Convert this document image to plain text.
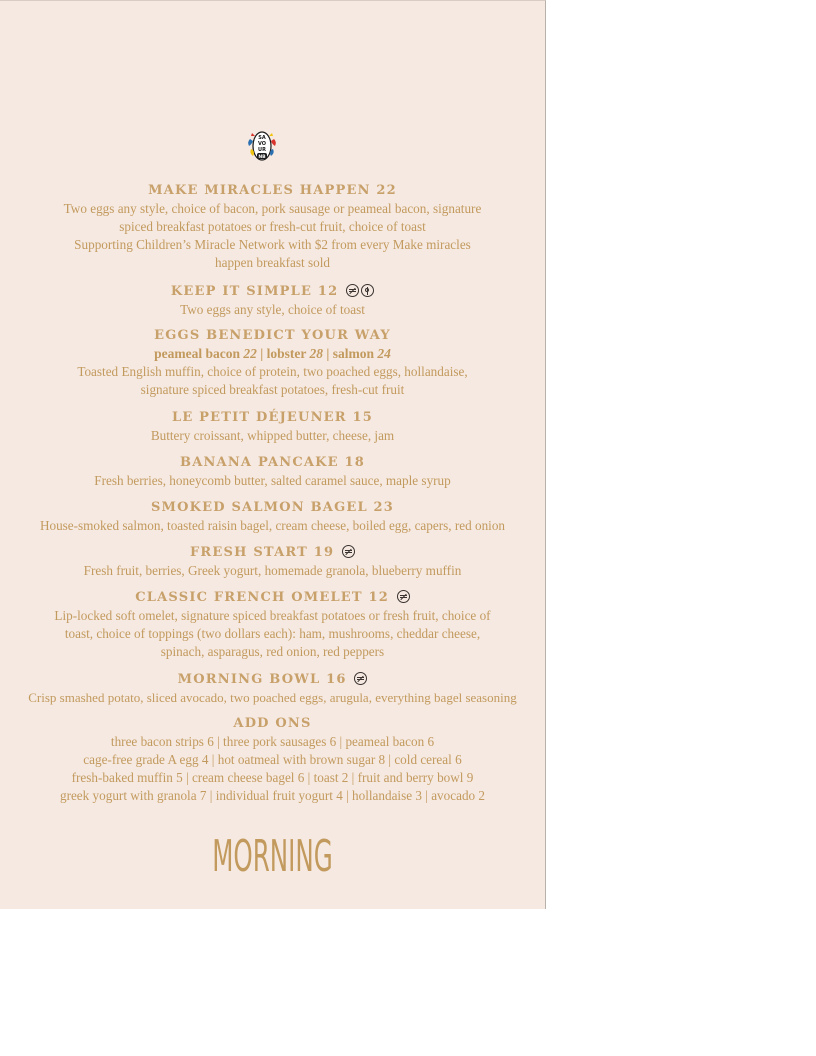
SA
VO
UR
NB
MAKE MIRACLES HAPPEN 22
Two eggs any style, choice of bacon, pork sausage or peameal bacon, signature
spiced breakfast potatoes or fresh-cut fruit, choice of toast
Supporting Children’s Miracle Network with $2 from every Make miracles
happen breakfast sold
KEEP IT SIMPLE 12
Two eggs any style, choice of toast
EGGS BENEDICT YOUR WAY
peameal bacon 22 | lobster 28 | salmon 24
Toasted English muffin, choice of protein, two poached eggs, hollandaise,
signature spiced breakfast potatoes, fresh-cut fruit
LE PETIT DÉJEUNER 15
Buttery croissant, whipped butter, cheese, jam
BANANA PANCAKE 18
Fresh berries, honeycomb butter, salted caramel sauce, maple syrup
SMOKED SALMON BAGEL 23
House-smoked salmon, toasted raisin bagel, cream cheese, boiled egg, capers, red onion
FRESH START 19
Fresh fruit, berries, Greek yogurt, homemade granola, blueberry muffin
CLASSIC FRENCH OMELET 12
Lip-locked soft omelet, signature spiced breakfast potatoes or fresh fruit, choice of
toast, choice of toppings (two dollars each): ham, mushrooms, cheddar cheese,
spinach, asparagus, red onion, red peppers
MORNING BOWL 16
Crisp smashed potato, sliced avocado, two poached eggs, arugula, everything bagel seasoning
ADD ONS
three bacon strips 6 | three pork sausages 6 | peameal bacon 6
cage-free grade A egg 4 | hot oatmeal with brown sugar 8 | cold cereal 6
fresh-baked muffin 5 | cream cheese bagel 6 | toast 2 | fruit and berry bowl 9
greek yogurt with granola 7 | individual fruit yogurt 4 | hollandaise 3 | avocado 2
MORNING
